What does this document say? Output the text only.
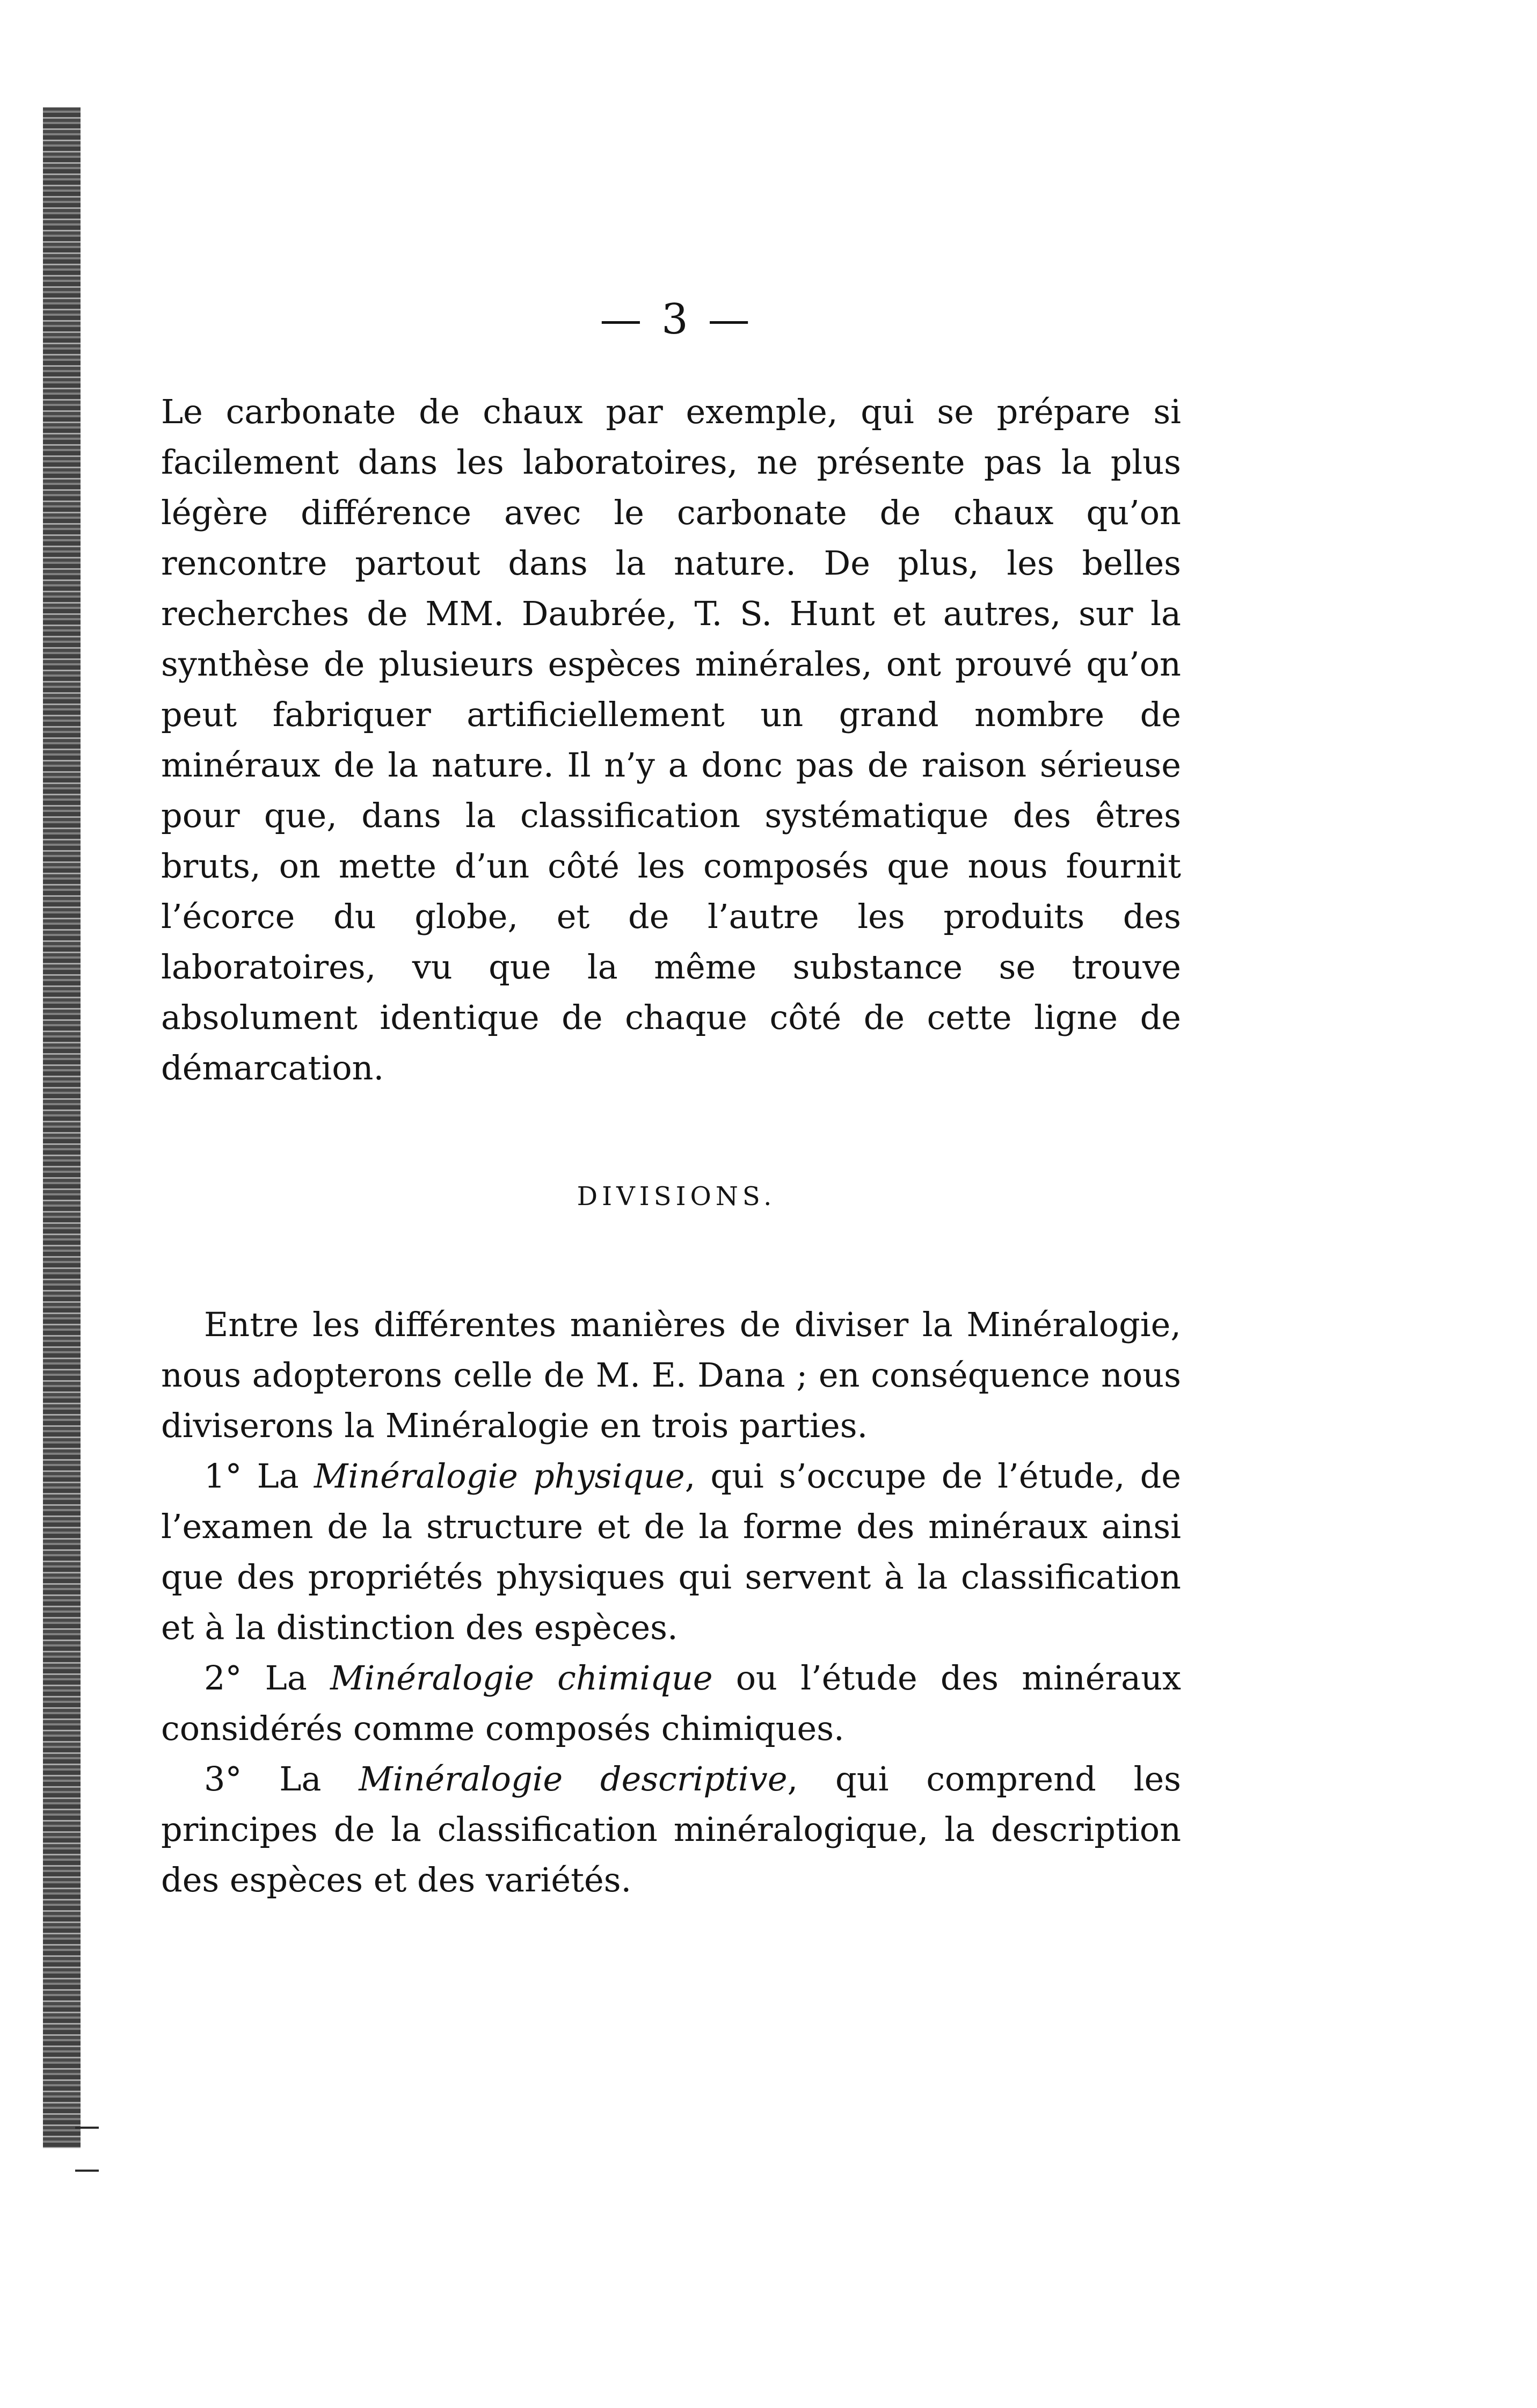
— 3 —

Le carbonate de chaux par exemple, qui se prépare si facilement dans les laboratoires, ne présente pas la plus légère différence avec le carbonate de chaux qu’on rencontre partout dans la nature. De plus, les belles recherches de MM. Daubrée, T. S. Hunt et autres, sur la synthèse de plusieurs espèces minérales, ont prouvé qu’on peut fabriquer artificiellement un grand nombre de minéraux de la nature. Il n’y a donc pas de raison sérieuse pour que, dans la classification systématique des êtres bruts, on mette d’un côté les composés que nous fournit l’écorce du globe, et de l’autre les produits des laboratoires, vu que la même substance se trouve absolument identique de chaque côté de cette ligne de démarcation.

DIVISIONS.

Entre les différentes manières de diviser la Minéralogie, nous adopterons celle de M. E. Dana ; en conséquence nous diviserons la Minéralogie en trois parties.

1° La Minéralogie physique, qui s’occupe de l’étude, de l’examen de la structure et de la forme des minéraux ainsi que des propriétés physiques qui servent à la classification et à la distinction des espèces.

2° La Minéralogie chimique ou l’étude des minéraux considérés comme composés chimiques.

3° La Minéralogie descriptive, qui comprend les principes de la classification minéralogique, la description des espèces et des variétés.
